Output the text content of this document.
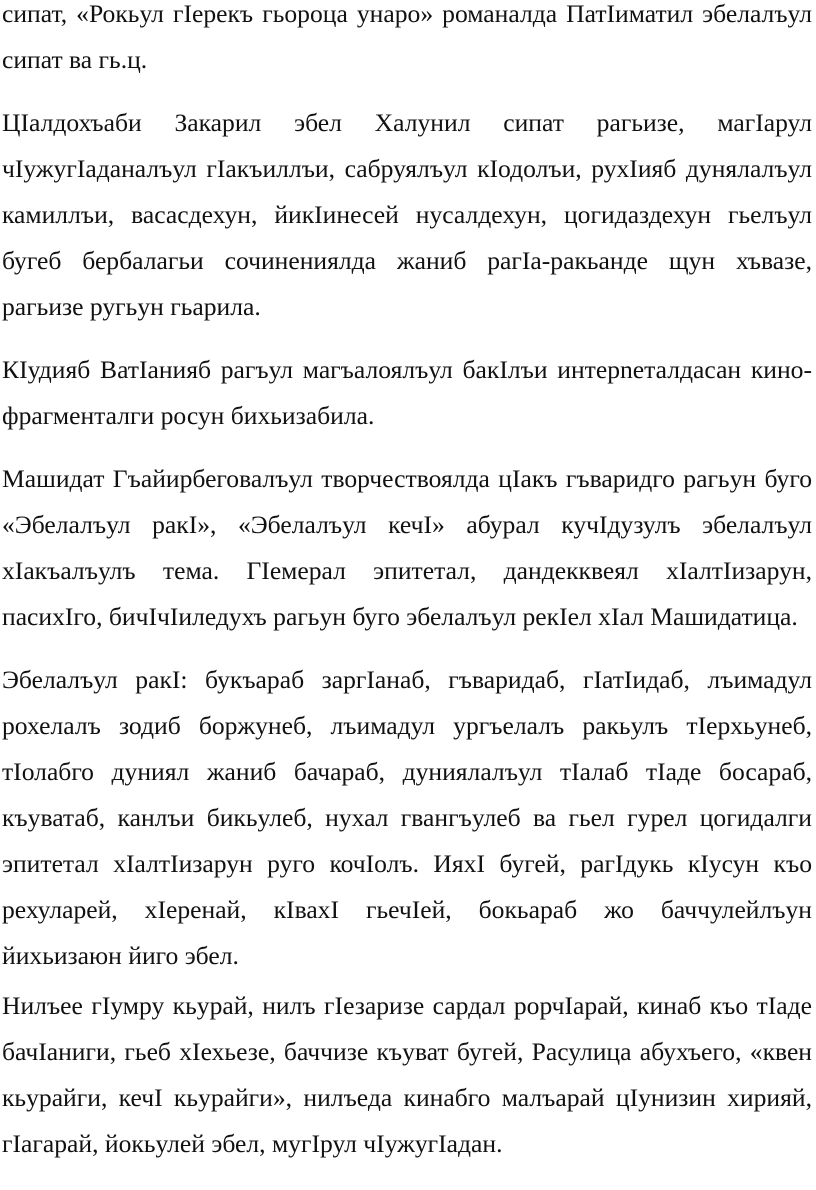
сипат, «Рокьул гIерекъ гьороца унаро» романалда ПатIиматил эбелалъул сипат ва гь.ц.

ЦIалдохъаби Закарил эбел Халунил сипат рагьизе, магIарул чIужугIаданалъул гIакъиллъи, сабруялъул кIодолъи, рухIияб дунялалъул камиллъи, васасдехун, йикIинесей нусалдехун, цогидаздехун гьелъул бугеб бербалагьи сочинениялда жаниб рагIа-ракьанде щун хъвазе, рагьизе ругьун гьарила.

КIудияб ВатIанияб рагъул магъалоялъул бакIлъи интерneталдасан кино-фрагменталги росун бихьизабила.

Машидат Гъайирбеговалъул творчествоялда цIакъ гъваридго рагьун буго «Эбелалъул ракI», «Эбелалъул кечI» абурал кучIдузулъ эбелалъул хIакъалъулъ тема. ГIемерал эпитетал, дандекквеял хIалтIизарун, пасихIго, бичIчIиледухъ рагьун буго эбелалъул рекIел хIал Машидатица.

Эбелалъул ракI: букъараб заргIанаб, гъваридаб, гIатIидаб, лъимадул рохелалъ зодиб боржунеб, лъимадул ургъелалъ ракьулъ тIерхьунеб, тIолабго дуниял жаниб бачараб, дуниялалъул тIалаб тIаде босараб, къуватаб, канлъи бикьулеб, нухал гвангъулеб ва гьел гурел цогидалги эпитетал хIалтIизарун руго кочIолъ. ИяхI бугей, рагIдукь кIусун къо рехуларей, хIеренай, кIвахI гьечIей, бокьараб жо баччулейлъун йихьизаюн йиго эбел.

Нилъее гIумру кьурай, нилъ гIезаризе сардал рорчIарай, кинаб къо тIаде бачIаниги, гьеб хIехьезе, баччизе къуват бугей, Расулица абухъего, «квен кьурайги, кечI кьурайги», нилъеда кинабго малъарай цIунизин хирияй, гIагарай, йокьулей эбел, мугIрул чIужугIадан.
